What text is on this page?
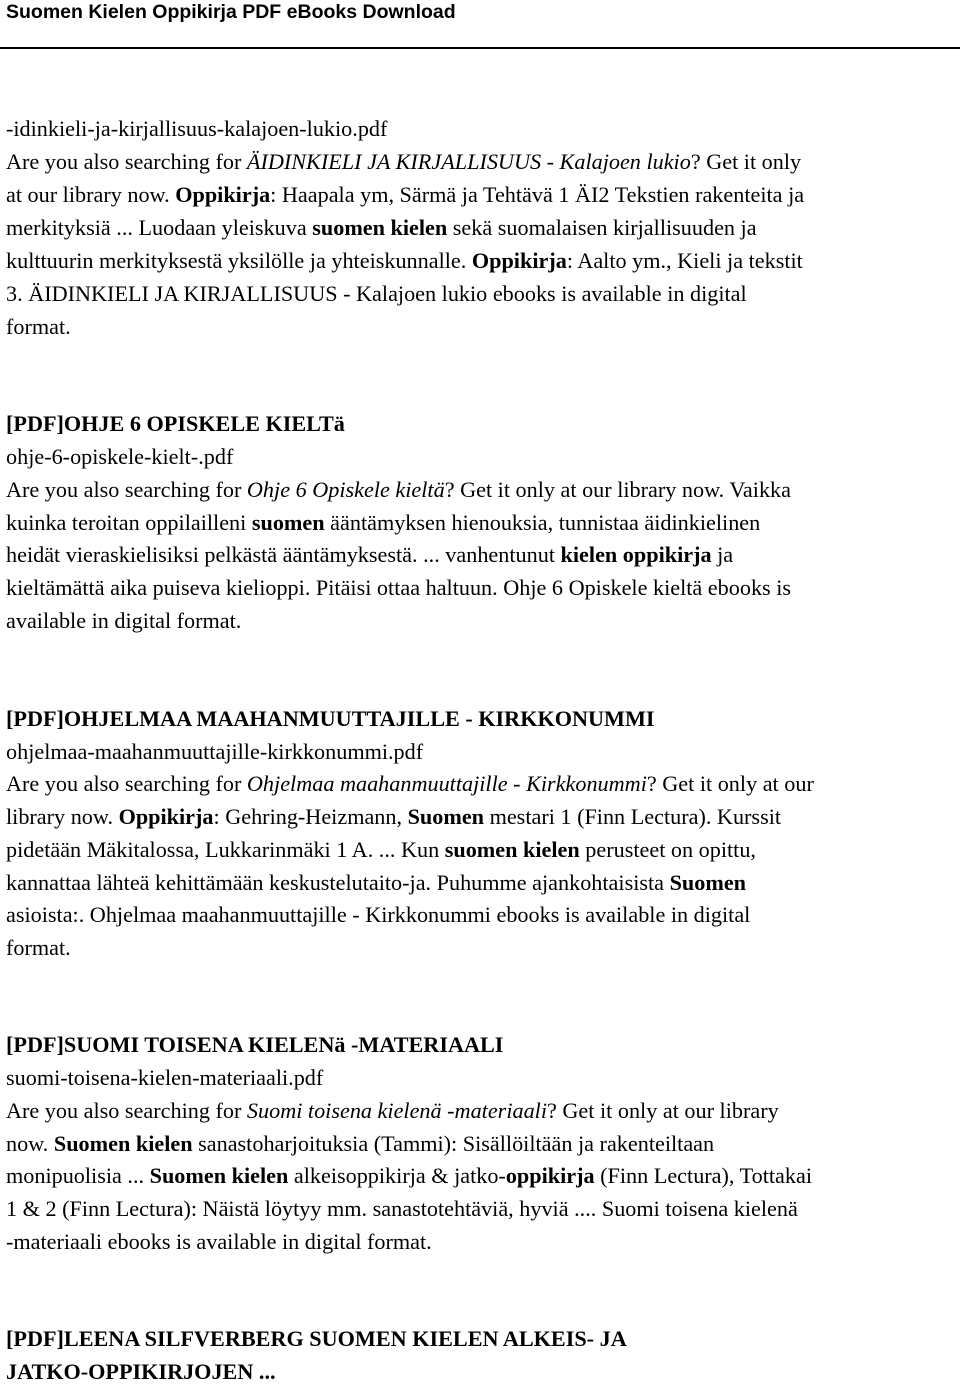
Suomen Kielen Oppikirja PDF eBooks Download
-idinkieli-ja-kirjallisuus-kalajoen-lukio.pdf
Are you also searching for ÄIDINKIELI JA KIRJALLISUUS - Kalajoen lukio? Get it only
at our library now. Oppikirja: Haapala ym, Särmä ja Tehtävä 1 ÄI2 Tekstien rakenteita ja
merkityksiä ... Luodaan yleiskuva suomen kielen sekä suomalaisen kirjallisuuden ja
kulttuurin merkityksestä yksilölle ja yhteiskunnalle. Oppikirja: Aalto ym., Kieli ja tekstit
3. ÄIDINKIELI JA KIRJALLISUUS - Kalajoen lukio ebooks is available in digital
format.
[PDF]OHJE 6 OPISKELE KIELTä
ohje-6-opiskele-kielt-.pdf
Are you also searching for Ohje 6 Opiskele kieltä? Get it only at our library now. Vaikka
kuinka teroitan oppilailleni suomen ääntämyksen hienouksia, tunnistaa äidinkielinen
heidät vieraskielisiksi pelkästä ääntämyksestä. ... vanhentunut kielen oppikirja ja
kieltämättä aika puiseva kielioppi. Pitäisi ottaa haltuun. Ohje 6 Opiskele kieltä ebooks is
available in digital format.
[PDF]OHJELMAA MAAHANMUUTTAJILLE - KIRKKONUMMI
ohjelmaa-maahanmuuttajille-kirkkonummi.pdf
Are you also searching for Ohjelmaa maahanmuuttajille - Kirkkonummi? Get it only at our
library now. Oppikirja: Gehring-Heizmann, Suomen mestari 1 (Finn Lectura). Kurssit
pidetään Mäkitalossa, Lukkarinmäki 1 A. ... Kun suomen kielen perusteet on opittu,
kannattaa lähteä kehittämään keskustelutaito-ja. Puhumme ajankohtaisista Suomen
asioista:. Ohjelmaa maahanmuuttajille - Kirkkonummi ebooks is available in digital
format.
[PDF]SUOMI TOISENA KIELENä -MATERIAALI
suomi-toisena-kielen-materiaali.pdf
Are you also searching for Suomi toisena kielenä -materiaali? Get it only at our library
now. Suomen kielen sanastoharjoituksia (Tammi): Sisällöiltään ja rakenteiltaan
monipuolisia ... Suomen kielen alkeisoppikirja & jatko-oppikirja (Finn Lectura), Tottakai
1 & 2 (Finn Lectura): Näistä löytyy mm. sanastotehtäviä, hyviä .... Suomi toisena kielenä
-materiaali ebooks is available in digital format.
[PDF]LEENA SILFVERBERG SUOMEN KIELEN ALKEIS- JA
JATKO-OPPIKIRJOJEN ...
